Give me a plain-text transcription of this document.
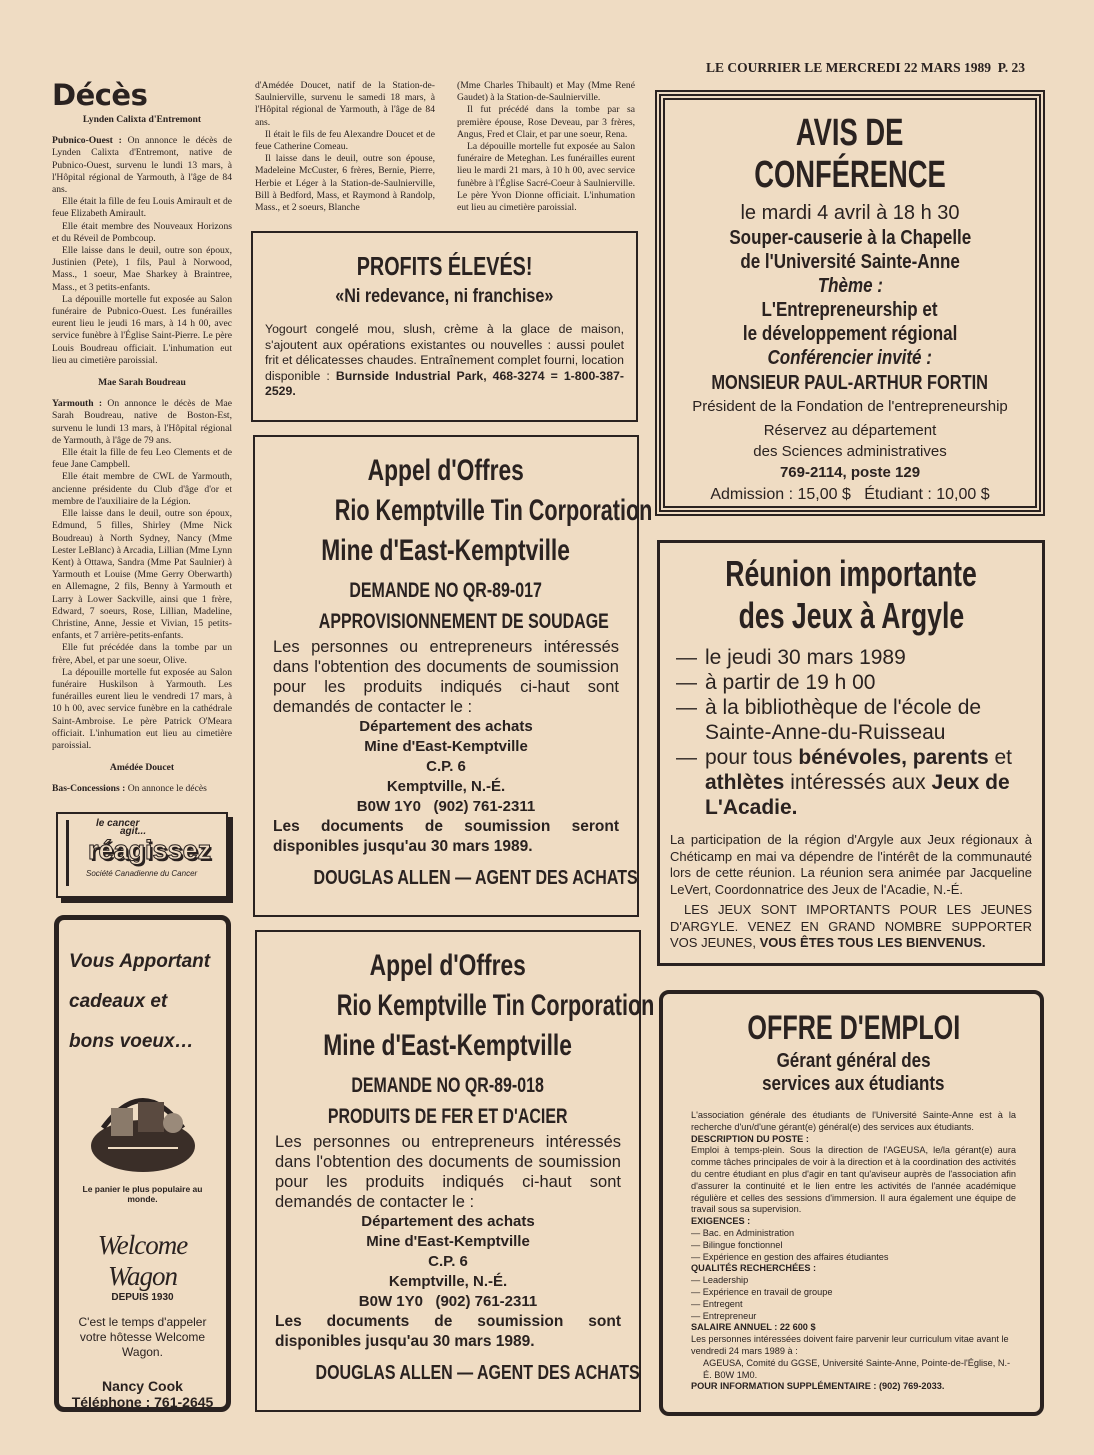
LE COURRIER LE MERCREDI 22 MARS 1989 P. 23
Décès
Lynden Calixta d'Entremont

Pubnico-Ouest : On annonce le décès de Lynden Calixta d'Entremont, native de Pubnico-Ouest, survenu le lundi 13 mars, à l'Hôpital régional de Yarmouth, à l'âge de 84 ans.

Elle était la fille de feu Louis Amirault et de feue Elizabeth Amirault.

Elle était membre des Nouveaux Horizons et du Réveil de Pombcoup.

Elle laisse dans le deuil, outre son époux, Justinien (Pete), 1 fils, Paul à Norwood, Mass., 1 soeur, Mae Sharkey à Braintree, Mass., et 3 petits-enfants.

La dépouille mortelle fut exposée au Salon funéraire de Pubnico-Ouest. Les funérailles eurent lieu le jeudi 16 mars, à 14 h 00, avec service funèbre à l'Église Saint-Pierre. Le père Louis Boudreau officiait. L'inhumation eut lieu au cimetière paroissial.

Mae Sarah Boudreau

Yarmouth : On annonce le décès de Mae Sarah Boudreau, native de Boston-Est, survenu le lundi 13 mars, à l'Hôpital régional de Yarmouth, à l'âge de 79 ans.

Elle était la fille de feu Leo Clements et de feue Jane Campbell.

Elle était membre de CWL de Yarmouth, ancienne présidente du Club d'âge d'or et membre de l'auxiliaire de la Légion.

Elle laisse dans le deuil, outre son époux, Edmund, 5 filles, Shirley (Mme Nick Boudreau) à North Sydney, Nancy (Mme Lester LeBlanc) à Arcadia, Lillian (Mme Lynn Kent) à Ottawa, Sandra (Mme Pat Saulnier) à Yarmouth et Louise (Mme Gerry Oberwarth) en Allemagne, 2 fils, Benny à Yarmouth et Larry à Lower Sackville, ainsi que 1 frère, Edward, 7 soeurs, Rose, Lillian, Madeline, Christine, Anne, Jessie et Vivian, 15 petits-enfants, et 7 arrière-petits-enfants.

Elle fut précédée dans la tombe par un frère, Abel, et par une soeur, Olive.

La dépouille mortelle fut exposée au Salon funéraire Huskilson à Yarmouth. Les funérailles eurent lieu le vendredi 17 mars, à 10 h 00, avec service funèbre en la cathédrale Saint-Ambroise. Le père Patrick O'Meara officiait. L'inhumation eut lieu au cimetière paroissial.

Amédée Doucet

Bas-Concessions : On annonce le décès

d'Amédée Doucet, natif de la Station-de-Saulnierville, survenu le samedi 18 mars, à l'Hôpital régional de Yarmouth, à l'âge de 84 ans.

Il était le fils de feu Alexandre Doucet et de feue Catherine Comeau.

Il laisse dans le deuil, outre son épouse, Madeleine McCuster, 6 frères, Bernie, Pierre, Herbie et Léger à la Station-de-Saulnierville, Bill à Bedford, Mass, et Raymond à Randolp, Mass., et 2 soeurs, Blanche

(Mme Charles Thibault) et May (Mme René Gaudet) à la Station-de-Saulnierville.

Il fut précédé dans la tombe par sa première épouse, Rose Deveau, par 3 frères, Angus, Fred et Clair, et par une soeur, Rena.

La dépouille mortelle fut exposée au Salon funéraire de Meteghan. Les funérailles eurent lieu le mardi 21 mars, à 10 h 00, avec service funèbre à l'Église Sacré-Coeur à Saulnierville. Le père Yvon Dionne officiait. L'inhumation eut lieu au cimetière paroissial.

le cancer
agit...
réagissez
Société Canadienne du Cancer
Vous Apportant
cadeaux et
bons voeux…
Le panier le plus populaire au monde.
Welcome Wagon
DEPUIS 1930
C'est le temps d'appeler votre hôtesse Welcome Wagon.
Nancy Cook
Téléphone : 761-2645
PROFITS ÉLEVÉS!
«Ni redevance, ni franchise»

Yogourt congelé mou, slush, crème à la glace de maison, s'ajoutent aux opérations existantes ou nouvelles : aussi poulet frit et délicatesses chaudes. Entraînement complet fourni, location disponible : Burnside Industrial Park, 468-3274 = 1-800-387-2529.

Appel d'Offres
Rio Kemptville Tin Corporation
Mine d'East-Kemptville
DEMANDE NO QR-89-017
APPROVISIONNEMENT DE SOUDAGE

Les personnes ou entrepreneurs intéressés dans l'obtention des documents de soumission pour les produits indiqués ci-haut sont demandés de contacter le :

Département des achats
Mine d'East-Kemptville
C.P. 6
Kemptville, N.-É.
B0W 1Y0   (902) 761-2311

Les documents de soumission seront disponibles jusqu'au 30 mars 1989.

DOUGLAS ALLEN — AGENT DES ACHATS
Appel d'Offres
Rio Kemptville Tin Corporation
Mine d'East-Kemptville
DEMANDE NO QR-89-018
PRODUITS DE FER ET D'ACIER

Les personnes ou entrepreneurs intéressés dans l'obtention des documents de soumission pour les produits indiqués ci-haut sont demandés de contacter le :

Département des achats
Mine d'East-Kemptville
C.P. 6
Kemptville, N.-É.
B0W 1Y0   (902) 761-2311

Les documents de soumission sont disponibles jusqu'au 30 mars 1989.

DOUGLAS ALLEN — AGENT DES ACHATS
AVIS DE
CONFÉRENCE
le mardi 4 avril à 18 h 30
Souper-causerie à la Chapelle
de l'Université Sainte-Anne
Thème :
L'Entrepreneurship et
le développement régional
Conférencier invité :
MONSIEUR PAUL-ARTHUR FORTIN
Président de la Fondation de l'entrepreneurship
Réservez au département
des Sciences administratives
769-2114, poste 129
Admission : 15,00 $   Étudiant : 10,00 $
Réunion importante
des Jeux à Argyle
— le jeudi 30 mars 1989
— à partir de 19 h 00
— à la bibliothèque de l'école de Sainte-Anne-du-Ruisseau
— pour tous bénévoles, parents et athlètes intéressés aux Jeux de L'Acadie.

La participation de la région d'Argyle aux Jeux régionaux à Chéticamp en mai va dépendre de l'intérêt de la communauté lors de cette réunion. La réunion sera animée par Jacqueline LeVert, Coordonnatrice des Jeux de l'Acadie, N.-É.

LES JEUX SONT IMPORTANTS POUR LES JEUNES D'ARGYLE. VENEZ EN GRAND NOMBRE SUPPORTER VOS JEUNES, VOUS ÊTES TOUS LES BIENVENUS.

OFFRE D'EMPLOI
Gérant général des
services aux étudiants

L'association générale des étudiants de l'Université Sainte-Anne est à la recherche d'un/d'une gérant(e) général(e) des services aux étudiants.

DESCRIPTION DU POSTE :

Emploi à temps-plein. Sous la direction de l'AGEUSA, le/la gérant(e) aura comme tâches principales de voir à la direction et à la coordination des activités du centre étudiant en plus d'agir en tant qu'aviseur auprès de l'association afin d'assurer la continuité et le lien entre les activités de l'année académique régulière et celles des sessions d'immersion. Il aura également une équipe de travail sous sa supervision.

EXIGENCES :
— Bac. en Administration
— Bilingue fonctionnel
— Expérience en gestion des affaires étudiantes
QUALITÉS RECHERCHÉES :
— Leadership
— Expérience en travail de groupe
— Entregent
— Entrepreneur
SALAIRE ANNUEL : 22 600 $

Les personnes intéressées doivent faire parvenir leur curriculum vitae avant le vendredi 24 mars 1989 à :

AGEUSA, Comité du GGSE, Université Sainte-Anne, Pointe-de-l'Église, N.-É. B0W 1M0.

POUR INFORMATION SUPPLÉMENTAIRE : (902) 769-2033.
